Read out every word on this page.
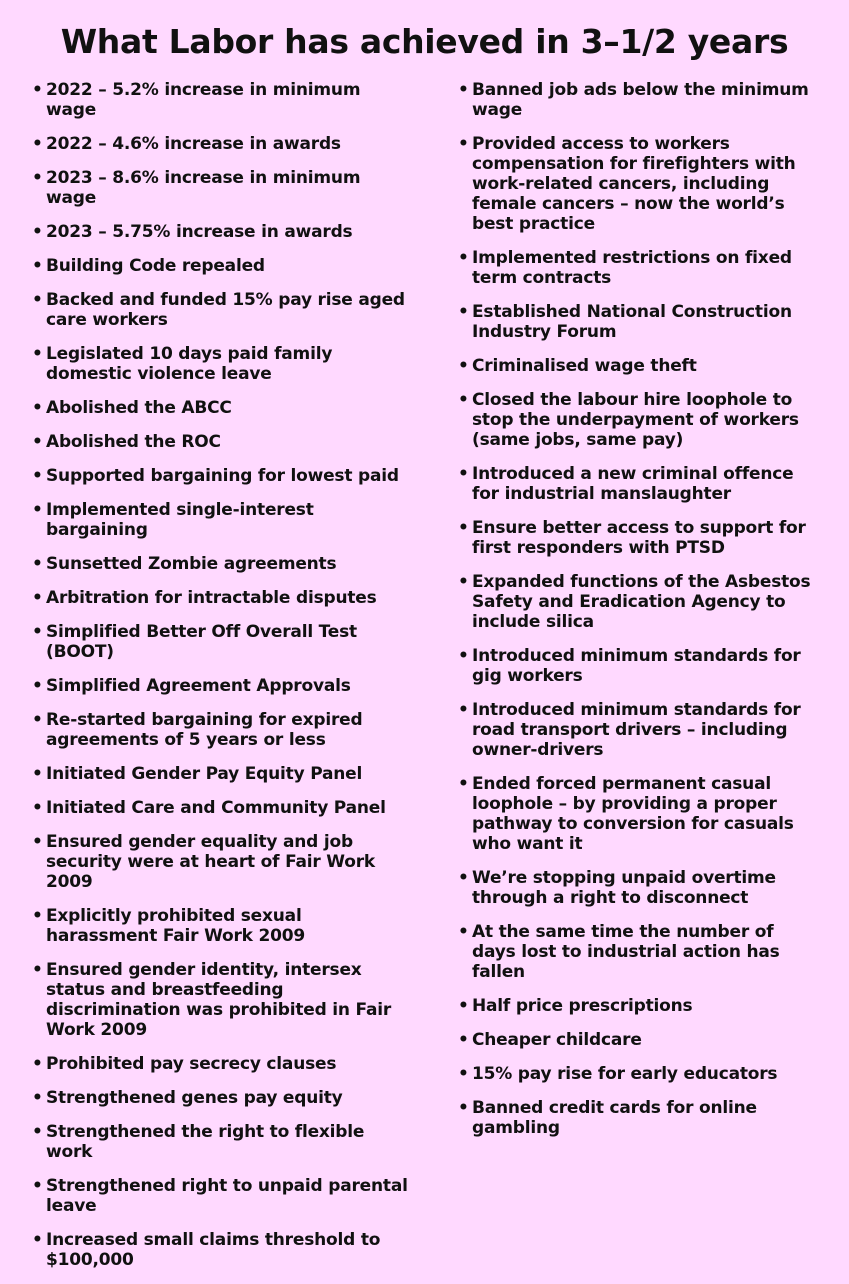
What Labor has achieved in 3–1/2 years
• 2022 – 5.2% increase in minimum wage
• 2022 – 4.6% increase in awards
• 2023 – 8.6% increase in minimum wage
• 2023 – 5.75% increase in awards
• Building Code repealed
• Backed and funded 15% pay rise aged care workers
• Legislated 10 days paid family domestic violence leave
• Abolished the ABCC
• Abolished the ROC
• Supported bargaining for lowest paid
• Implemented single-interest bargaining
• Sunsetted Zombie agreements
• Arbitration for intractable disputes
• Simplified Better Off Overall Test (BOOT)
• Simplified Agreement Approvals
• Re-started bargaining for expired agreements of 5 years or less
• Initiated Gender Pay Equity Panel
• Initiated Care and Community Panel
• Ensured gender equality and job security were at heart of Fair Work 2009
• Explicitly prohibited sexual harassment Fair Work 2009
• Ensured gender identity, intersex status and breastfeeding discrimination was prohibited in Fair Work 2009
• Prohibited pay secrecy clauses
• Strengthened genes pay equity
• Strengthened the right to flexible work
• Strengthened right to unpaid parental leave
• Increased small claims threshold to $100,000
• Banned job ads below the minimum wage
• Provided access to workers compensation for firefighters with work-related cancers, including female cancers – now the world’s best practice
• Implemented restrictions on fixed term contracts
• Established National Construction Industry Forum
• Criminalised wage theft
• Closed the labour hire loophole to stop the underpayment of workers (same jobs, same pay)
• Introduced a new criminal offence for industrial manslaughter
• Ensure better access to support for first responders with PTSD
• Expanded functions of the Asbestos Safety and Eradication Agency to include silica
• Introduced minimum standards for gig workers
• Introduced minimum standards for road transport drivers – including owner-drivers
• Ended forced permanent casual loophole – by providing a proper pathway to conversion for casuals who want it
• We’re stopping unpaid overtime through a right to disconnect
• At the same time the number of days lost to industrial action has fallen
• Half price prescriptions
• Cheaper childcare
• 15% pay rise for early educators
• Banned credit cards for online gambling
